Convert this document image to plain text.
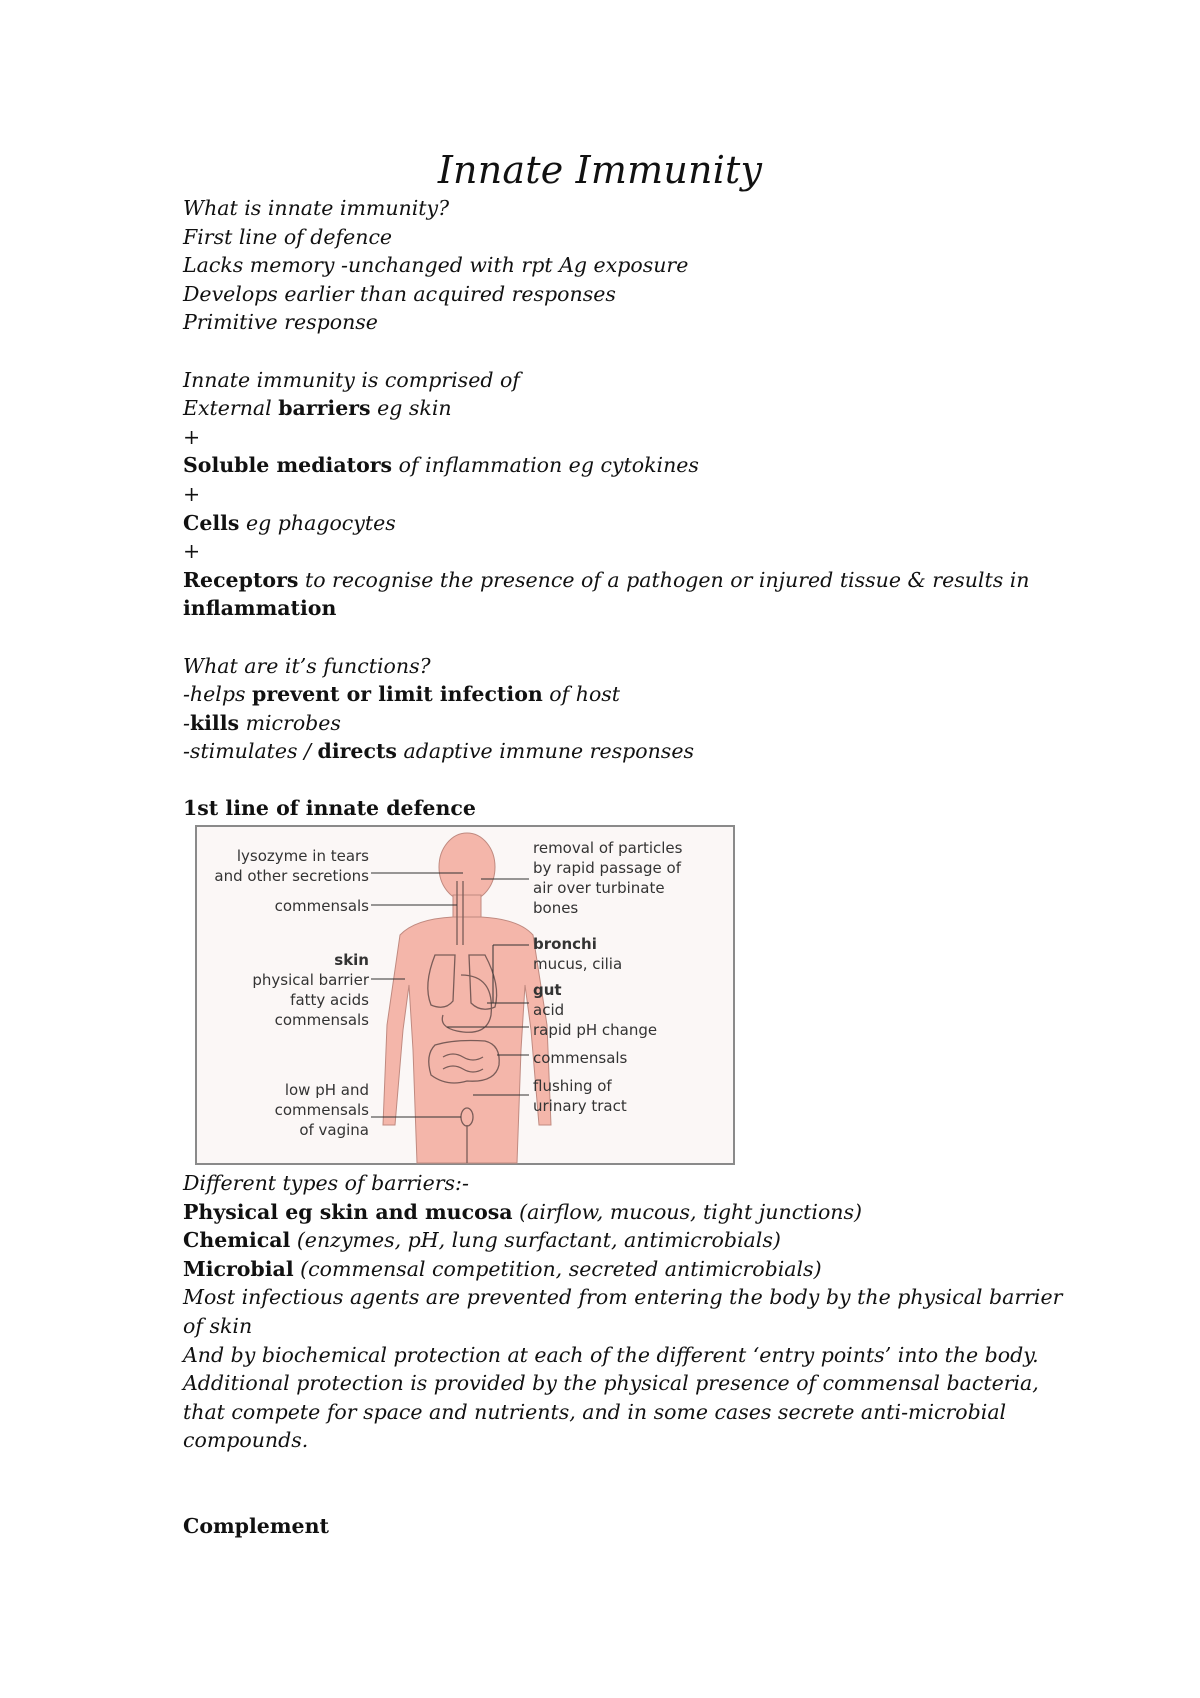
Innate Immunity
What is innate immunity?
First line of defence
Lacks memory -unchanged with rpt Ag exposure
Develops earlier than acquired responses
Primitive response
Innate immunity is comprised of
External barriers eg skin
+
Soluble mediators of inflammation eg cytokines
+
Cells eg phagocytes
+
Receptors to recognise the presence of a pathogen or injured tissue & results in
inflammation
What are it’s functions?
-helps prevent or limit infection of host
-kills microbes
-stimulates / directs adaptive immune responses
1st line of innate defence
lysozyme in tears
and other secretions
commensals
skin
physical barrier
fatty acids
commensals
low pH and
commensals
of vagina
removal of particles
by rapid passage of
air over turbinate
bones
bronchi
mucus, cilia
gut
acid
rapid pH change
commensals
flushing of
urinary tract
Different types of barriers:-
Physical eg skin and mucosa (airflow, mucous, tight junctions)
Chemical (enzymes, pH, lung surfactant, antimicrobials)
Microbial (commensal competition, secreted antimicrobials)
Most infectious agents are prevented from entering the body by the physical barrier of skin
And by biochemical protection at each of the different ‘entry points’ into the body.
Additional protection is provided by the physical presence of commensal bacteria, that compete for space and nutrients, and in some cases secrete anti-microbial compounds.
Complement
